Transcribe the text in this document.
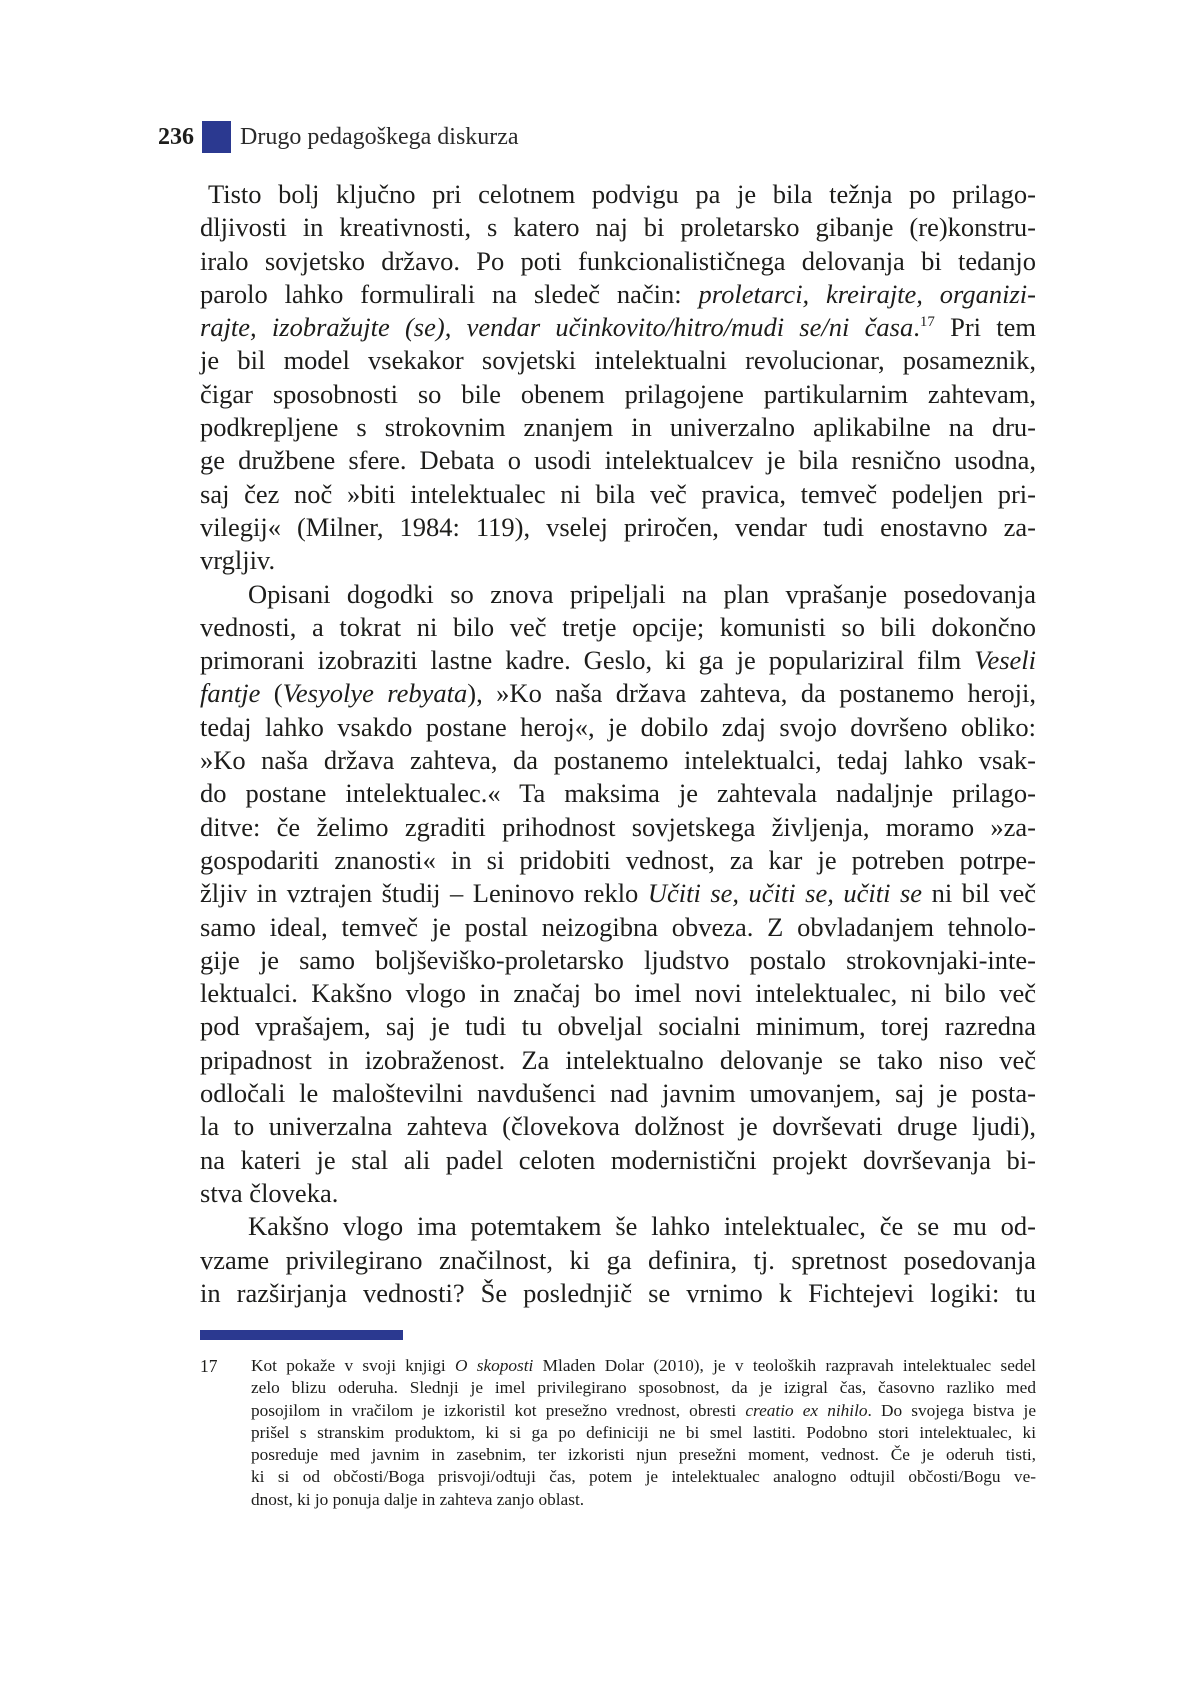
236 Drugo pedagoškega diskurza
Tisto bolj ključno pri celotnem podvigu pa je bila težnja po prilago-
dljivosti in kreativnosti, s katero naj bi proletarsko gibanje (re)konstru-
iralo sovjetsko državo. Po poti funkcionalističnega delovanja bi tedanjo
parolo lahko formulirali na sledeč način: proletarci, kreirajte, organizi-
rajte, izobražujte (se), vendar učinkovito/hitro/mudi se/ni časa.$^{17}$ Pri tem
je bil model vsekakor sovjetski intelektualni revolucionar, posameznik,
čigar sposobnosti so bile obenem prilagojene partikularnim zahtevam,
podkrepljene s strokovnim znanjem in univerzalno aplikabilne na dru-
ge družbene sfere. Debata o usodi intelektualcev je bila resnično usodna,
saj čez noč »biti intelektualec ni bila več pravica, temveč podeljen pri-
vilegij« (Milner, 1984: 119), vselej priročen, vendar tudi enostavno za-
vrgljiv.
Opisani dogodki so znova pripeljali na plan vprašanje posedovanja
vednosti, a tokrat ni bilo več tretje opcije; komunisti so bili dokončno
primorani izobraziti lastne kadre. Geslo, ki ga je populariziral film Veseli
fantje (Vesyolye rebyata), »Ko naša država zahteva, da postanemo heroji,
tedaj lahko vsakdo postane heroj«, je dobilo zdaj svojo dovršeno obliko:
»Ko naša država zahteva, da postanemo intelektualci, tedaj lahko vsak-
do postane intelektualec.« Ta maksima je zahtevala nadaljnje prilago-
ditve: če želimo zgraditi prihodnost sovjetskega življenja, moramo »za-
gospodariti znanosti« in si pridobiti vednost, za kar je potreben potrpe-
žljiv in vztrajen študij – Leninovo reklo Učiti se, učiti se, učiti se ni bil več
samo ideal, temveč je postal neizogibna obveza. Z obvladanjem tehnolo-
gije je samo boljševiško-proletarsko ljudstvo postalo strokovnjaki-inte-
lektualci. Kakšno vlogo in značaj bo imel novi intelektualec, ni bilo več
pod vprašajem, saj je tudi tu obveljal socialni minimum, torej razredna
pripadnost in izobraženost. Za intelektualno delovanje se tako niso več
odločali le maloštevilni navdušenci nad javnim umovanjem, saj je posta-
la to univerzalna zahteva (človekova dolžnost je dovrševati druge ljudi),
na kateri je stal ali padel celoten modernistični projekt dovrševanja bi-
stva človeka.
Kakšno vlogo ima potemtakem še lahko intelektualec, če se mu od-
vzame privilegirano značilnost, ki ga definira, tj. spretnost posedovanja
in razširjanja vednosti? Še poslednjič se vrnimo k Fichtejevi logiki: tu
17 Kot pokaže v svoji knjigi O skoposti Mladen Dolar (2010), je v teoloških razpravah intelektualec sedel
zelo blizu oderuha. Slednji je imel privilegirano sposobnost, da je izigral čas, časovno razliko med
posojilom in vračilom je izkoristil kot presežno vrednost, obresti creatio ex nihilo. Do svojega bistva je
prišel s stranskim produktom, ki si ga po definiciji ne bi smel lastiti. Podobno stori intelektualec, ki
posreduje med javnim in zasebnim, ter izkoristi njun presežni moment, vednost. Če je oderuh tisti,
ki si od občosti/Boga prisvoji/odtuji čas, potem je intelektualec analogno odtujil občosti/Bogu ve-
dnost, ki jo ponuja dalje in zahteva zanjo oblast.
